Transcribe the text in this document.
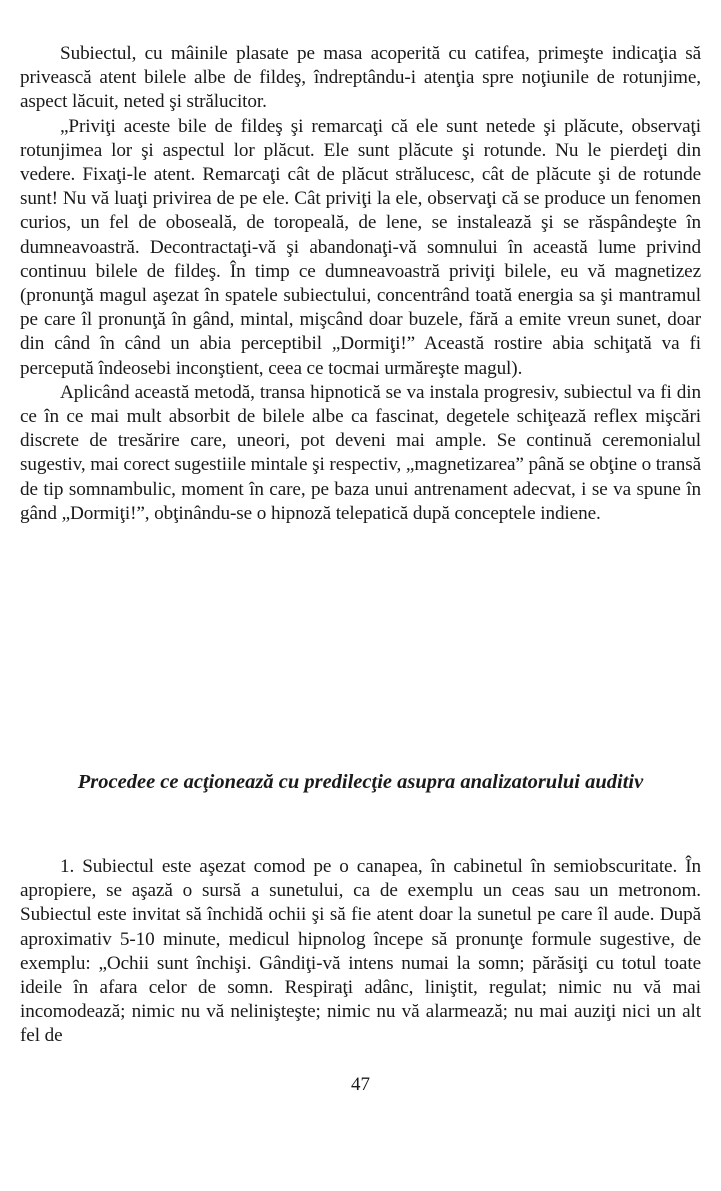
Subiectul, cu mâinile plasate pe masa acoperită cu catifea, primeşte indicaţia să privească atent bilele albe de fildeş, îndreptându-i atenţia spre noţiunile de rotunjime, aspect lăcuit, neted şi strălucitor.

„Priviţi aceste bile de fildeş şi remarcaţi că ele sunt netede şi plăcute, observaţi rotunjimea lor şi aspectul lor plăcut. Ele sunt plăcute şi rotunde. Nu le pierdeţi din vedere. Fixaţi-le atent. Remarcaţi cât de plăcut strălucesc, cât de plăcute şi de rotunde sunt! Nu vă luaţi privirea de pe ele. Cât priviţi la ele, observaţi că se produce un fenomen curios, un fel de oboseală, de toropeală, de lene, se instalează şi se răspândeşte în dumneavoastră. Decontractaţi-vă şi abandonaţi-vă somnului în această lume privind continuu bilele de fildeş. În timp ce dumneavoastră priviţi bilele, eu vă magnetizez (pronunţă magul aşezat în spatele subiectului, concentrând toată energia sa şi mantramul pe care îl pronunţă în gând, mintal, mişcând doar buzele, fără a emite vreun sunet, doar din când în când un abia perceptibil „Dormiţi!” Această rostire abia schiţată va fi percepută îndeosebi inconştient, ceea ce tocmai urmăreşte magul).

Aplicând această metodă, transa hipnotică se va instala progresiv, subiectul va fi din ce în ce mai mult absorbit de bilele albe ca fascinat, degetele schiţează reflex mişcări discrete de tresărire care, uneori, pot deveni mai ample. Se continuă ceremonialul sugestiv, mai corect sugestiile mintale şi respectiv, „magnetizarea” până se obţine o transă de tip somnambulic, moment în care, pe baza unui antrenament adecvat, i se va spune în gând „Dormiţi!”, obţinându-se o hipnoză telepatică după conceptele indiene.

Procedee ce acţionează cu predilecţie asupra analizatorului auditiv

1. Subiectul este aşezat comod pe o canapea, în cabinetul în semiobscuritate. În apropiere, se aşază o sursă a sunetului, ca de exemplu un ceas sau un metronom. Subiectul este invitat să închidă ochii şi să fie atent doar la sunetul pe care îl aude. După aproximativ 5-10 minute, medicul hipnolog începe să pronunţe formule sugestive, de exemplu: „Ochii sunt închişi. Gândiţi-vă intens numai la somn; părăsiţi cu totul toate ideile în afara celor de somn. Respiraţi adânc, liniştit, regulat; nimic nu vă mai incomodează; nimic nu vă nelinişteşte; nimic nu vă alarmează; nu mai auziţi nici un alt fel de

47
